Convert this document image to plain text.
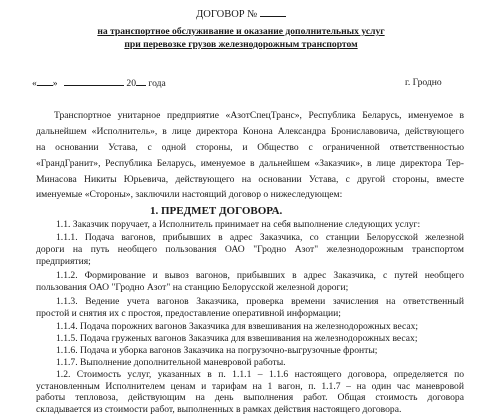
ДОГОВОР №
на транспортное обслуживание и оказание дополнительных услуг
при перевозке грузов железнодорожным транспортом
« »	20 года	г. Гродно
Транспортное унитарное предприятие «АзотСпецТранс», Республика Беларусь, именуемое в
дальнейшем «Исполнитель», в лице директора Конона Александра Брониславовича, действующего
на основании Устава, с одной стороны, и Общество с ограниченной ответственностью
«ГрандГранит», Республика Беларусь, именуемое в дальнейшем «Заказчик», в лице директора Тер-
Минасова Никиты Юрьевича, действующего на основании Устава, с другой стороны, вместе
именуемые «Стороны», заключили настоящий договор о нижеследующем:
1. ПРЕДМЕТ ДОГОВОРА.
1.1. Заказчик поручает, а Исполнитель принимает на себя выполнение следующих услуг:
1.1.1. Подача вагонов, прибывших в адрес Заказчика, со станции Белорусской железной
дороги на путь необщего пользования ОАО "Гродно Азот" железнодорожным транспортом
предприятия;
1.1.2. Формирование и вывоз вагонов, прибывших в адрес Заказчика, с путей необщего
пользования ОАО "Гродно Азот" на станцию Белорусской железной дороги;
1.1.3. Ведение учета вагонов Заказчика, проверка времени зачисления на ответственный
простой и снятия их с простоя, предоставление оперативной информации;
1.1.4. Подача порожних вагонов Заказчика для взвешивания на железнодорожных весах;
1.1.5. Подача груженых вагонов Заказчика для взвешивания на железнодорожных весах;
1.1.6. Подача и уборка вагонов Заказчика на погрузочно-выгрузочные фронты;
1.1.7. Выполнение дополнительной маневровой работы.
1.2. Стоимость услуг, указанных в п. 1.1.1 – 1.1.6 настоящего договора, определяется по
установленным Исполнителем ценам и тарифам на 1 вагон, п. 1.1.7 – на один час маневровой
работы тепловоза, действующим на день выполнения работ. Общая стоимость договора
складывается из стоимости работ, выполненных в рамках действия настоящего договора.
